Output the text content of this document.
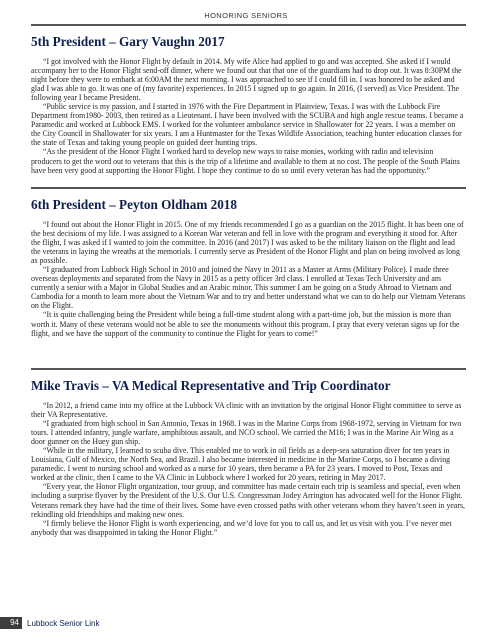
HONORING SENIORS
5th President – Gary Vaughn 2017

“I got involved with the Honor Flight by default in 2014. My wife Alice had applied to go and was accepted. She asked if I would accompany her to the Honor Flight send-off dinner, where we found out that that one of the guardians had to drop out. It was 8:30PM the night before they were to embark at 6:00AM the next morning. I was approached to see if I could fill in. I was honored to be asked and glad I was able to go. It was one of (my favorite) experiences. In 2015 I signed up to go again. In 2016, (I served) as Vice President. The following year I became President.

“Public service is my passion, and I started in 1976 with the Fire Department in Plainview, Texas. I was with the Lubbock Fire Department from1980- 2003, then retired as a Lieutenant. I have been involved with the SCUBA and high angle rescue teams. I became a Paramedic and worked at Lubbock EMS. I worked for the volunteer ambulance service in Shallowater for 22 years. I was a member on the City Council in Shallowater for six years. I am a Huntmaster for the Texas Wildlife Association, teaching hunter education classes for the state of Texas and taking young people on guided deer hunting trips.

“As the president of the Honor Flight I worked hard to develop new ways to raise monies, working with radio and television producers to get the word out to veterans that this is the trip of a lifetime and available to them at no cost. The people of the South Plains have been very good at supporting the Honor Flight. I hope they continue to do so until every veteran has had the opportunity.”

6th President – Peyton Oldham 2018

“I found out about the Honor Flight in 2015. One of my friends recommended I go as a guardian on the 2015 flight. It has been one of the best decisions of my life. I was assigned to a Korean War veteran and fell in love with the program and everything it stood for. After the flight, I was asked if I wanted to join the committee. In 2016 (and 2017) I was asked to be the military liaison on the flight and lead the veterans in laying the wreaths at the memorials. I currently serve as President of the Honor Flight and plan on being involved as long as possible.

“I graduated from Lubbock High School in 2010 and joined the Navy in 2011 as a Master at Arms (Military Police). I made three overseas deployments and separated from the Navy in 2015 as a petty officer 3rd class. I enrolled at Texas Tech University and am currently a senior with a Major in Global Studies and an Arabic minor. This summer I am be going on a Study Abroad to Vietnam and Cambodia for a month to learn more about the Vietnam War and to try and better understand what we can to do help our Vietnam Veterans on the Flight.

“It is quite challenging being the President while being a full-time student along with a part-time job, but the mission is more than worth it. Many of these veterans would not be able to see the monuments without this program. I pray that every veteran signs up for the flight, and we have the support of the community to continue the Flight for years to come!”

Mike Travis – VA Medical Representative and Trip Coordinator

“In 2012, a friend came into my office at the Lubbock VA clinic with an invitation by the original Honor Flight committee to serve as their VA Representative.

“I graduated from high school in San Antonio, Texas in 1968. I was in the Marine Corps from 1968-1972, serving in Vietnam for two tours. I attended infantry, jungle warfare, amphibious assault, and NCO school. We carried the M16; I was in the Marine Air Wing as a door gunner on the Huey gun ship.

“While in the military, I learned to scuba dive. This enabled me to work in oil fields as a deep-sea saturation diver for ten years in Louisiana, Gulf of Mexico, the North Sea, and Brazil. I also became interested in medicine in the Marine Corps, so I became a diving paramedic. I went to nursing school and worked as a nurse for 10 years, then became a PA for 23 years. I moved to Post, Texas and worked at the clinic, then I came to the VA Clinic in Lubbock where I worked for 20 years, retiring in May 2017.

“Every year, the Honor Flight organization, tour group, and committee has made certain each trip is seamless and special, even when including a surprise flyover by the President of the U.S. Our U.S. Congressman Jodey Arrington has advocated well for the Honor Flight. Veterans remark they have had the time of their lives. Some have even crossed paths with other veterans whom they haven’t seen in years, rekindling old friendships and making new ones.

“I firmly believe the Honor Flight is worth experiencing, and we’d love for you to call us, and let us visit with you. I’ve never met anybody that was disappointed in taking the Honor Flight.”

94	Lubbock Senior Link
